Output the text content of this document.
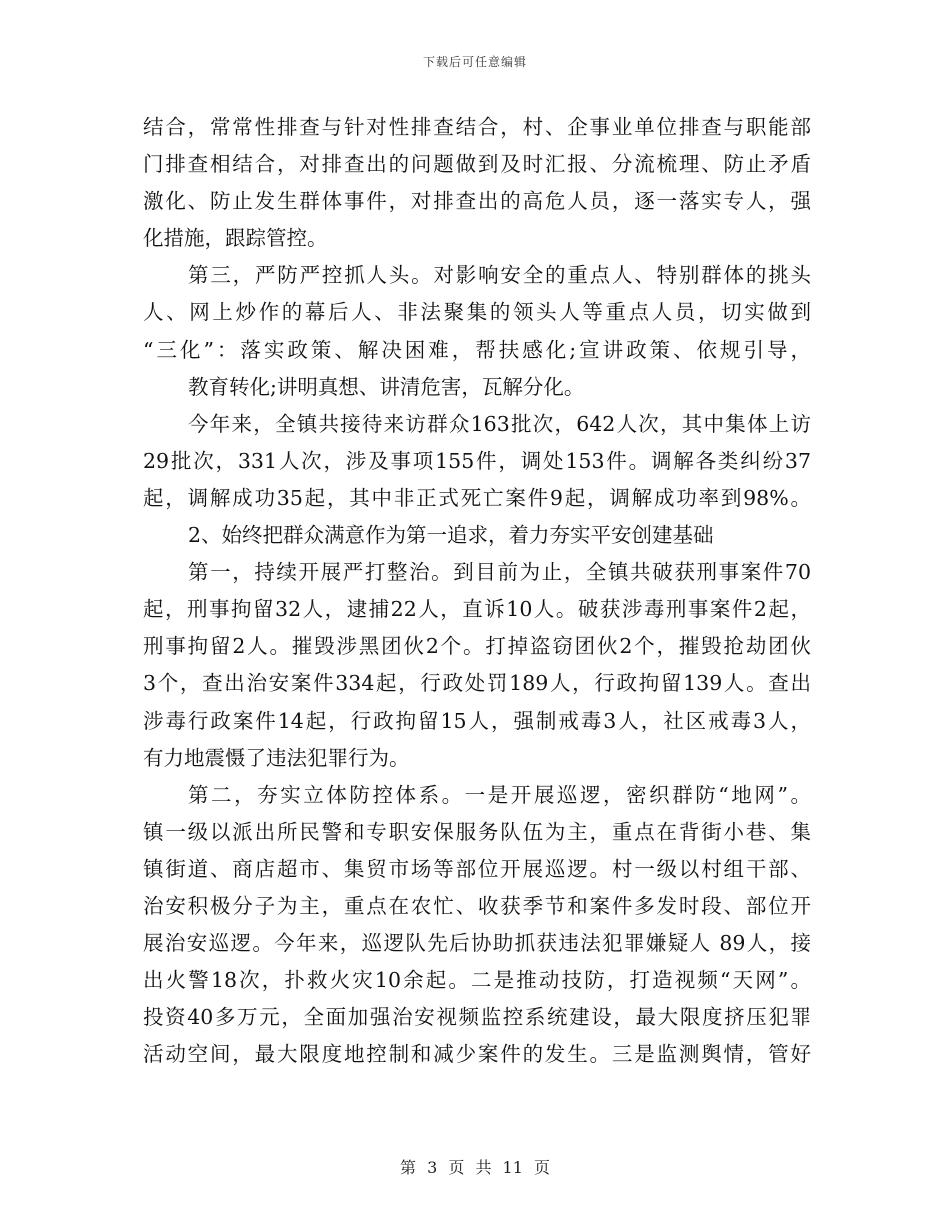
下载后可任意编辑
结合，常常性排查与针对性排查结合，村、企事业单位排查与职能部
门排查相结合，对排查出的问题做到及时汇报、分流梳理、防止矛盾
激化、防止发生群体事件，对排查出的高危人员，逐一落实专人，强
化措施，跟踪管控。
第三，严防严控抓人头。对影响安全的重点人、特别群体的挑头
人、网上炒作的幕后人、非法聚集的领头人等重点人员，切实做到
“三化”：落实政策、解决困难，帮扶感化;宣讲政策、依规引导，
教育转化;讲明真想、讲清危害，瓦解分化。
今年来，全镇共接待来访群众163批次，642人次，其中集体上访
29批次，331人次，涉及事项155件，调处153件。调解各类纠纷37
起，调解成功35起，其中非正式死亡案件9起，调解成功率到98%。
2、始终把群众满意作为第一追求，着力夯实平安创建基础
第一，持续开展严打整治。到目前为止，全镇共破获刑事案件70
起，刑事拘留32人，逮捕22人，直诉10人。破获涉毒刑事案件2起，
刑事拘留2人。摧毁涉黑团伙2个。打掉盗窃团伙2个，摧毁抢劫团伙
3个，查出治安案件334起，行政处罚189人，行政拘留139人。查出
涉毒行政案件14起，行政拘留15人，强制戒毒3人，社区戒毒3人，
有力地震慑了违法犯罪行为。
第二，夯实立体防控体系。一是开展巡逻，密织群防“地网”。
镇一级以派出所民警和专职安保服务队伍为主，重点在背街小巷、集
镇街道、商店超市、集贸市场等部位开展巡逻。村一级以村组干部、
治安积极分子为主，重点在农忙、收获季节和案件多发时段、部位开
展治安巡逻。今年来，巡逻队先后协助抓获违法犯罪嫌疑人 89人，接
出火警18次，扑救火灾10余起。二是推动技防，打造视频“天网”。
投资40多万元，全面加强治安视频监控系统建设，最大限度挤压犯罪
活动空间，最大限度地控制和减少案件的发生。三是监测舆情，管好
第 3 页 共 11 页
